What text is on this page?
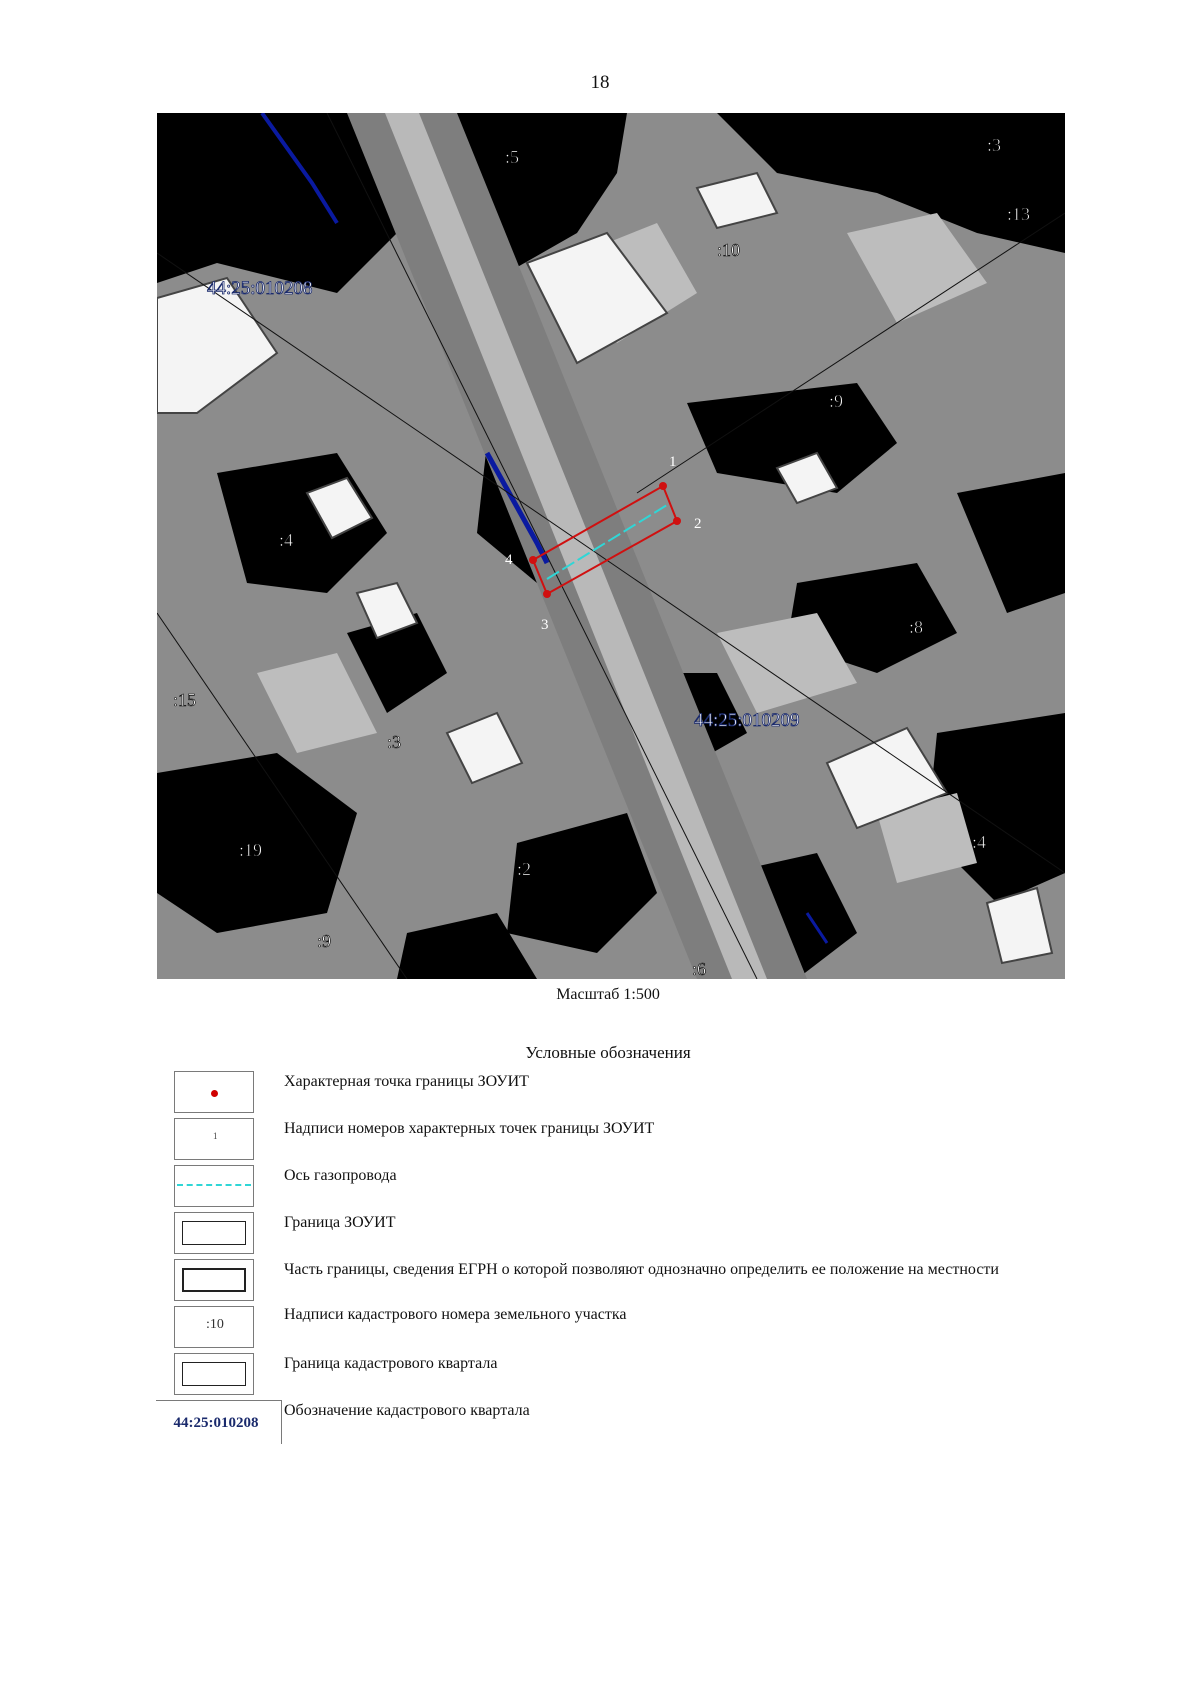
18
1
2
3
4
:5
:3
:13
:10
:9
:4
:8
:15
:3
:19
:9
:2
:6
:4
44:25:010208
44:25:010209
Масштаб 1:500
Условные обозначения
Характерная точка границы ЗОУИТ
1	Надписи номеров характерных точек границы ЗОУИТ
Ось газопровода
Граница ЗОУИТ
Часть границы, сведения ЕГРН о которой позволяют однозначно определить ее положение на местности
:10
Надписи кадастрового номера земельного участка
Граница кадастрового квартала
44:25:010208
Обозначение кадастрового квартала
